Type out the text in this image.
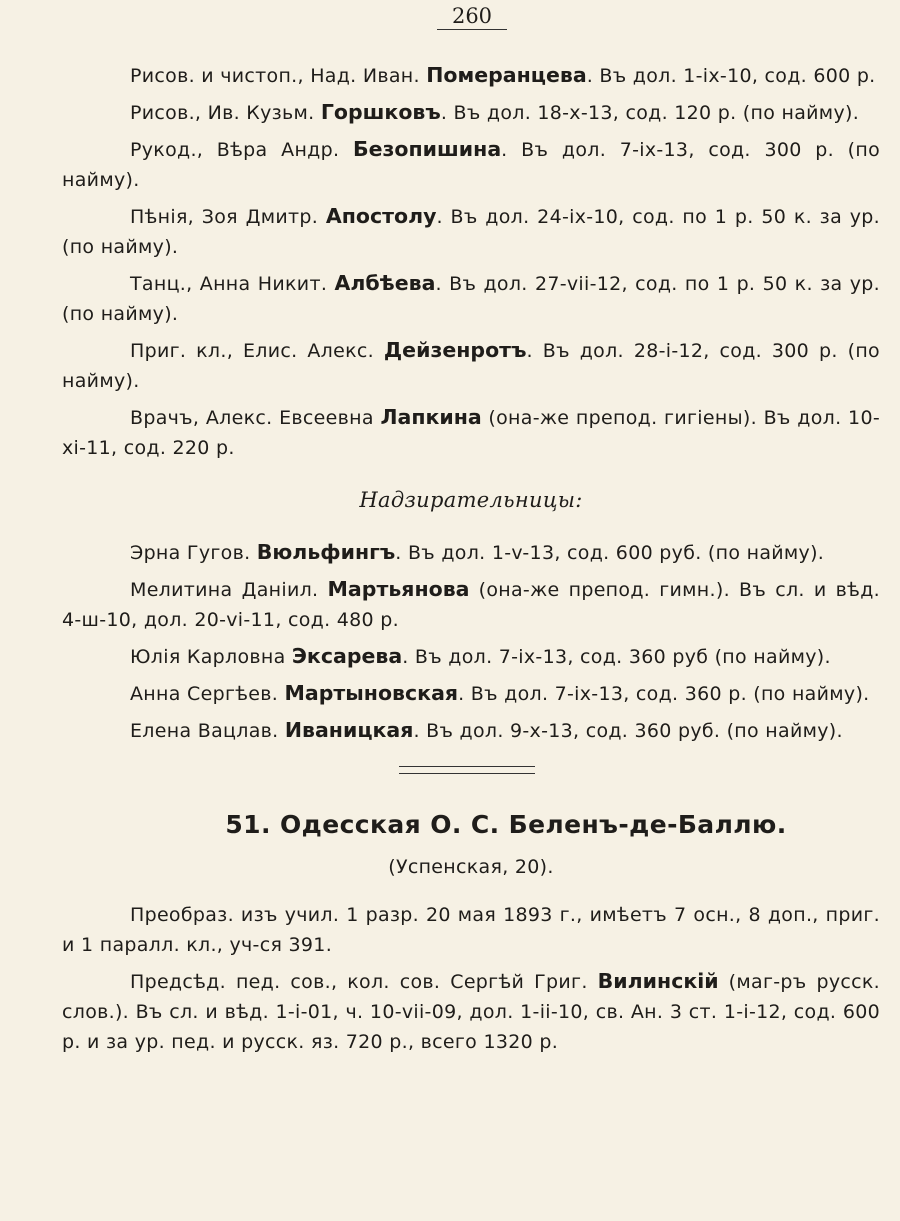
260

Рисов. и чистоп., Над. Иван. Померанцева. Въ дол. 1-ix-10, сод. 600 р.

Рисов., Ив. Кузьм. Горшковъ. Въ дол. 18-x-13, сод. 120 р. (по найму).

Рукод., Вѣра Андр. Безопишина. Въ дол. 7-ix-13, сод. 300 р. (по найму).

Пѣнія, Зоя Дмитр. Апостолу. Въ дол. 24-ix-10, сод. по 1 р. 50 к. за ур. (по найму).

Танц., Анна Никит. Албѣева. Въ дол. 27-vii-12, сод. по 1 р. 50 к. за ур. (по найму).

Приг. кл., Елис. Алекс. Дейзенротъ. Въ дол. 28-i-12, сод. 300 р. (по найму).

Врачъ, Алекс. Евсеевна Лапкина (она-же препод. гигіены). Въ дол. 10-xi-11, сод. 220 р.

Надзирательницы:

Эрна Гугов. Вюльфингъ. Въ дол. 1-v-13, сод. 600 руб. (по найму).

Мелитина Даніил. Мартьянова (она-же препод. гимн.). Въ сл. и вѣд. 4-ш-10, дол. 20-vi-11, сод. 480 р.

Юлія Карловна Эксарева. Въ дол. 7-ix-13, сод. 360 руб (по найму).

Анна Сергѣев. Мартыновская. Въ дол. 7-ix-13, сод. 360 р. (по найму).

Елена Вацлав. Иваницкая. Въ дол. 9-x-13, сод. 360 руб. (по найму).

51. Одесская О. С. Беленъ-де-Баллю.
(Успенская, 20).

Преобраз. изъ учил. 1 разр. 20 мая 1893 г., имѣетъ 7 осн., 8 доп., приг. и 1 паралл. кл., уч-ся 391.

Предсѣд. пед. сов., кол. сов. Сергѣй Григ. Вилинскій (маг-ръ русск. слов.). Въ сл. и вѣд. 1-i-01, ч. 10-vii-09, дол. 1-ii-10, св. Ан. 3 ст. 1-i-12, сод. 600 р. и за ур. пед. и русск. яз. 720 р., всего 1320 р.
